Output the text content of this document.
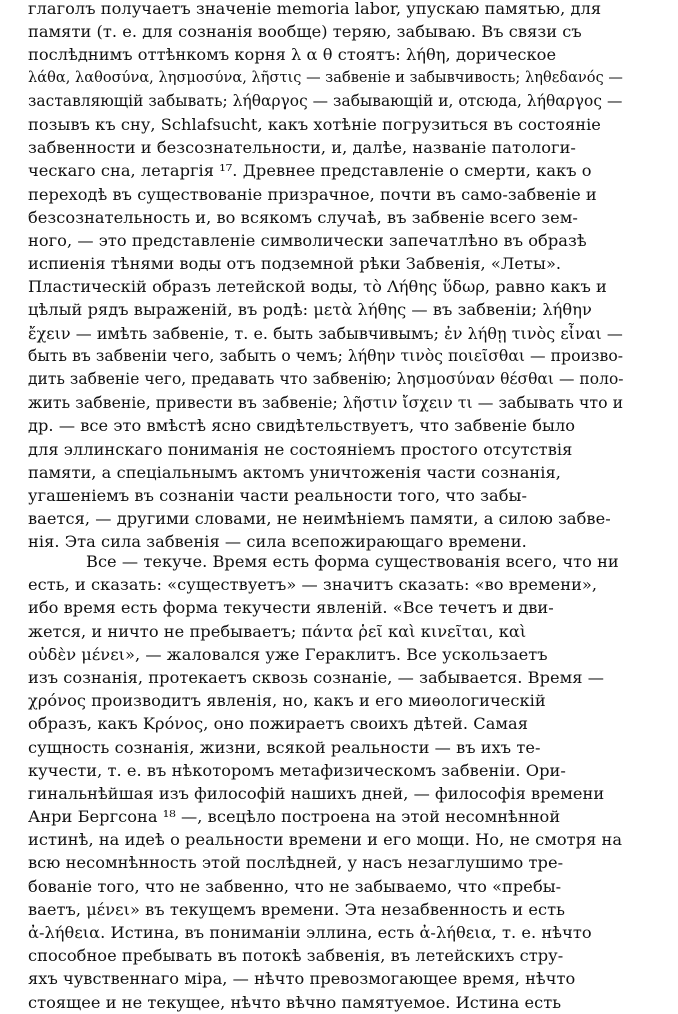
глаголъ получаетъ значеніе memoria labor, упускаю памятью, для
памяти (т. е. для сознанія вообще) теряю, забываю. Въ связи съ
послѣднимъ оттѣнкомъ корня λ α θ стоятъ: λήθη, дорическое
λάθα, λαθοσύνα, λησμοσύνα, λῆστις — забвеніе и забывчивость; ληθεδανός —
заставляющій забывать; λήθαργος — забывающій и, отсюда, λήθαργος —
позывъ къ сну, Schlafsucht, какъ хотѣніе погрузиться въ состояніе
забвенности и безсознательности, и, далѣе, названіе патологи-
ческаго сна, летаргія ¹⁷. Древнее представленіе о смерти, какъ о
переходѣ въ существованіе призрачное, почти въ само-забвеніе и
безсознательность и, во всякомъ случаѣ, въ забвеніе всего зем-
ного, — это представленіе символически запечатлѣно въ образѣ
испиенія тѣнями воды отъ подземной рѣки Забвенія, «Леты».
Пластическій образъ летейской воды, τὸ Λήθης ὕδωρ, равно какъ и
цѣлый рядъ выраженій, въ родѣ: μετὰ λήθης — въ забвеніи; λήθην
ἔχειν — имѣть забвеніе, т. е. быть забывчивымъ; ἐν λήθῃ τινὸς εἶναι —
быть въ забвеніи чего, забыть о чемъ; λήθην τινὸς ποιεῖσθαι — произво-
дить забвеніе чего, предавать что забвенію; λησμοσύναν θέσθαι — поло-
жить забвеніе, привести въ забвеніе; λῆστιν ἴσχειν τι — забывать что и
др. — все это вмѣстѣ ясно свидѣтельствуетъ, что забвеніе было
для эллинскаго пониманія не состояніемъ простого отсутствія
памяти, а спеціальнымъ актомъ уничтоженія части сознанія,
угашеніемъ въ сознаніи части реальности того, что забы-
вается, — другими словами, не неимѣніемъ памяти, а силою забве-
нія. Эта сила забвенія — сила всепожирающаго времени.
Все — текуче. Время есть форма существованія всего, что ни
есть, и сказать: «существуетъ» — значитъ сказать: «во времени»,
ибо время есть форма текучести явленій. «Все течетъ и дви-
жется, и ничто не пребываетъ; πάντα ῥεῖ καὶ κινεῖται, καὶ
οὐδὲν μένει», — жаловался уже Гераклитъ. Все ускользаетъ
изъ сознанія, протекаетъ сквозь сознаніе, — забывается. Время —
χρόνος производитъ явленія, но, какъ и его миѳологическій
образъ, какъ Κρόνος, оно пожираетъ своихъ дѣтей. Самая
сущность сознанія, жизни, всякой реальности — въ ихъ те-
кучести, т. е. въ нѣкоторомъ метафизическомъ забвеніи. Ори-
гинальнѣйшая изъ философій нашихъ дней, — философія времени
Анри Бергсона ¹⁸ —, всецѣло построена на этой несомнѣнной
истинѣ, на идеѣ о реальности времени и его мощи. Но, не смотря на
всю несомнѣнность этой послѣдней, у насъ незаглушимо тре-
бованіе того, что не забвенно, что не забываемо, что «пребы-
ваетъ, μένει» въ текущемъ времени. Эта незабвенность и есть
ἀ-λήθεια. Истина, въ пониманіи эллина, есть ἀ-λήθεια, т. е. нѣчто
способное пребывать въ потокѣ забвенія, въ летейскихъ стру-
яхъ чувственнаго міра, — нѣчто превозмогающее время, нѣчто
стоящее и не текущее, нѣчто вѣчно памятуемое. Истина есть
